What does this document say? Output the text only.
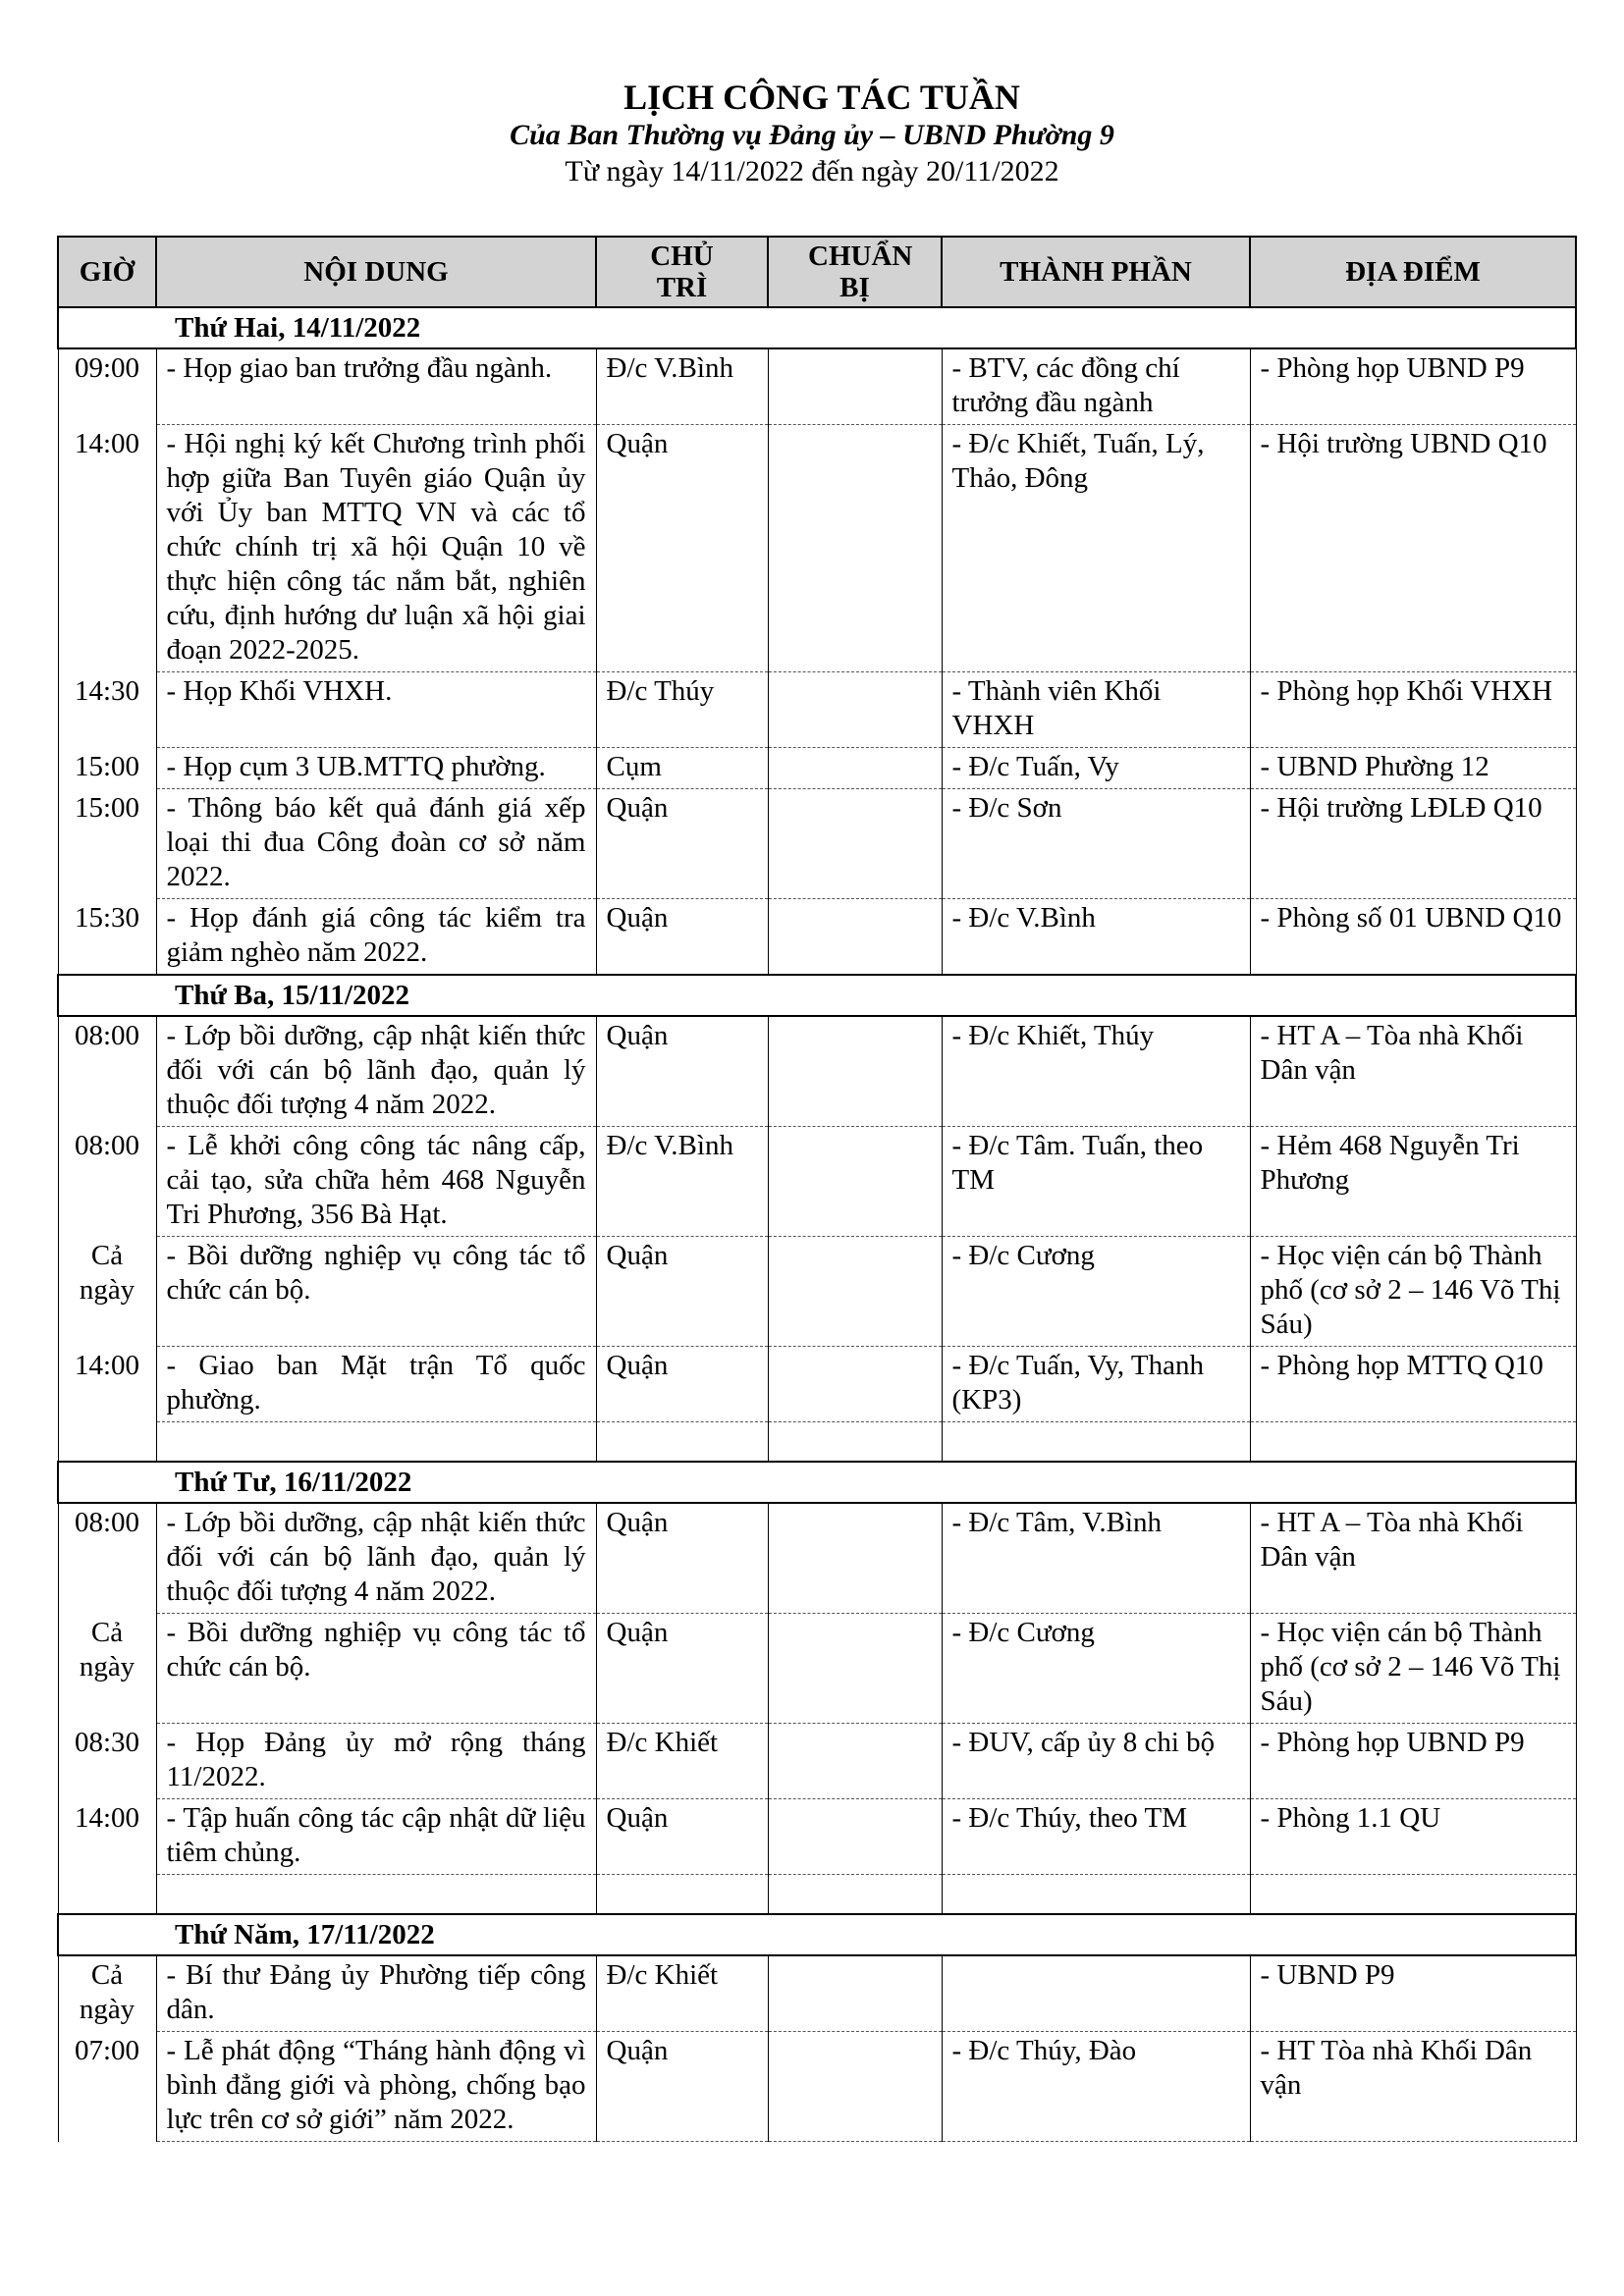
LỊCH CÔNG TÁC TUẦN
Của Ban Thường vụ Đảng ủy – UBND Phường 9
Từ ngày 14/11/2022 đến ngày 20/11/2022
GIỜ	NỘI DUNG	CHỦ TRÌ	CHUẨN BỊ	THÀNH PHẦN	ĐỊA ĐIỂM
Thứ Hai, 14/11/2022					
09:00	- Họp giao ban trưởng đầu ngành.	Đ/c V.Bình		- BTV, các đồng chí trưởng đầu ngành	- Phòng họp UBND P9
14:00	- Hội nghị ký kết Chương trình phối hợp giữa Ban Tuyên giáo Quận ủy với Ủy ban MTTQ VN và các tổ chức chính trị xã hội Quận 10 về thực hiện công tác nắm bắt, nghiên cứu, định hướng dư luận xã hội giai đoạn 2022-2025.	Quận		- Đ/c Khiết, Tuấn, Lý, Thảo, Đông	- Hội trường UBND Q10
14:30	- Họp Khối VHXH.	Đ/c Thúy		- Thành viên Khối VHXH	- Phòng họp Khối VHXH
15:00	- Họp cụm 3 UB.MTTQ phường.	Cụm		- Đ/c Tuấn, Vy	- UBND Phường 12
15:00	- Thông báo kết quả đánh giá xếp loại thi đua Công đoàn cơ sở năm 2022.	Quận		- Đ/c Sơn	- Hội trường LĐLĐ Q10
15:30	- Họp đánh giá công tác kiểm tra giảm nghèo năm 2022.	Quận		- Đ/c V.Bình	- Phòng số 01 UBND Q10
Thứ Ba, 15/11/2022					
08:00	- Lớp bồi dưỡng, cập nhật kiến thức đối với cán bộ lãnh đạo, quản lý thuộc đối tượng 4 năm 2022.	Quận		- Đ/c Khiết, Thúy	- HT A – Tòa nhà Khối Dân vận
08:00	- Lễ khởi công công tác nâng cấp, cải tạo, sửa chữa hẻm 468 Nguyễn Tri Phương, 356 Bà Hạt.	Đ/c V.Bình		- Đ/c Tâm. Tuấn, theo TM	- Hẻm 468 Nguyễn Tri Phương
Cả ngày	- Bồi dưỡng nghiệp vụ công tác tổ chức cán bộ.	Quận		- Đ/c Cương	- Học viện cán bộ Thành phố (cơ sở 2 – 146 Võ Thị Sáu)
14:00	- Giao ban Mặt trận Tổ quốc phường.	Quận		- Đ/c Tuấn, Vy, Thanh (KP3)	- Phòng họp MTTQ Q10

Thứ Tư, 16/11/2022					
08:00	- Lớp bồi dưỡng, cập nhật kiến thức đối với cán bộ lãnh đạo, quản lý thuộc đối tượng 4 năm 2022.	Quận		- Đ/c Tâm, V.Bình	- HT A – Tòa nhà Khối Dân vận
Cả ngày	- Bồi dưỡng nghiệp vụ công tác tổ chức cán bộ.	Quận		- Đ/c Cương	- Học viện cán bộ Thành phố (cơ sở 2 – 146 Võ Thị Sáu)
08:30	- Họp Đảng ủy mở rộng tháng 11/2022.	Đ/c Khiết		- ĐUV, cấp ủy 8 chi bộ	- Phòng họp UBND P9
14:00	- Tập huấn công tác cập nhật dữ liệu tiêm chủng.	Quận		- Đ/c Thúy, theo TM	- Phòng 1.1 QU

Thứ Năm, 17/11/2022					
Cả ngày	- Bí thư Đảng ủy Phường tiếp công dân.	Đ/c Khiết			- UBND P9
07:00	- Lễ phát động “Tháng hành động vì bình đẳng giới và phòng, chống bạo lực trên cơ sở giới” năm 2022.	Quận		- Đ/c Thúy, Đào	- HT Tòa nhà Khối Dân vận
